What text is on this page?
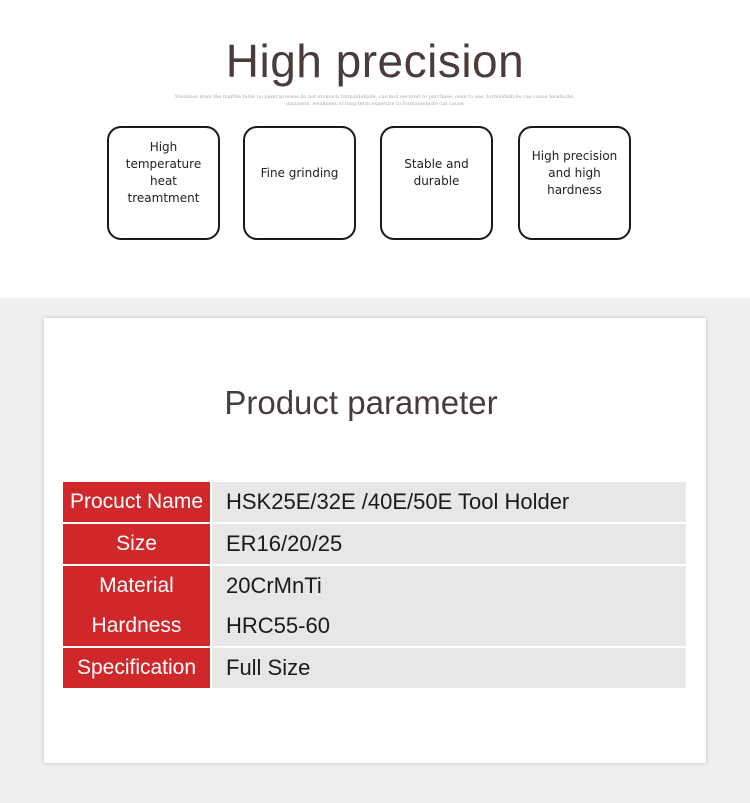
High precision
Stainless steel the marble table no paint process do not stomach formaldehyde, cas mot secured to purchase, ease to use, formaldehyde cas cause headache, dizziness, weakness of long-term exposure to formaldehyde cas cause
High temperature heat treamtment
Fine grinding
Stable and durable
High precision and high hardness
Product parameter
Procuct Name	HSK25E/32E /40E/50E Tool Holder
Size	ER16/20/25
Material	20CrMnTi
Hardness	HRC55-60
Specification	Full Size
